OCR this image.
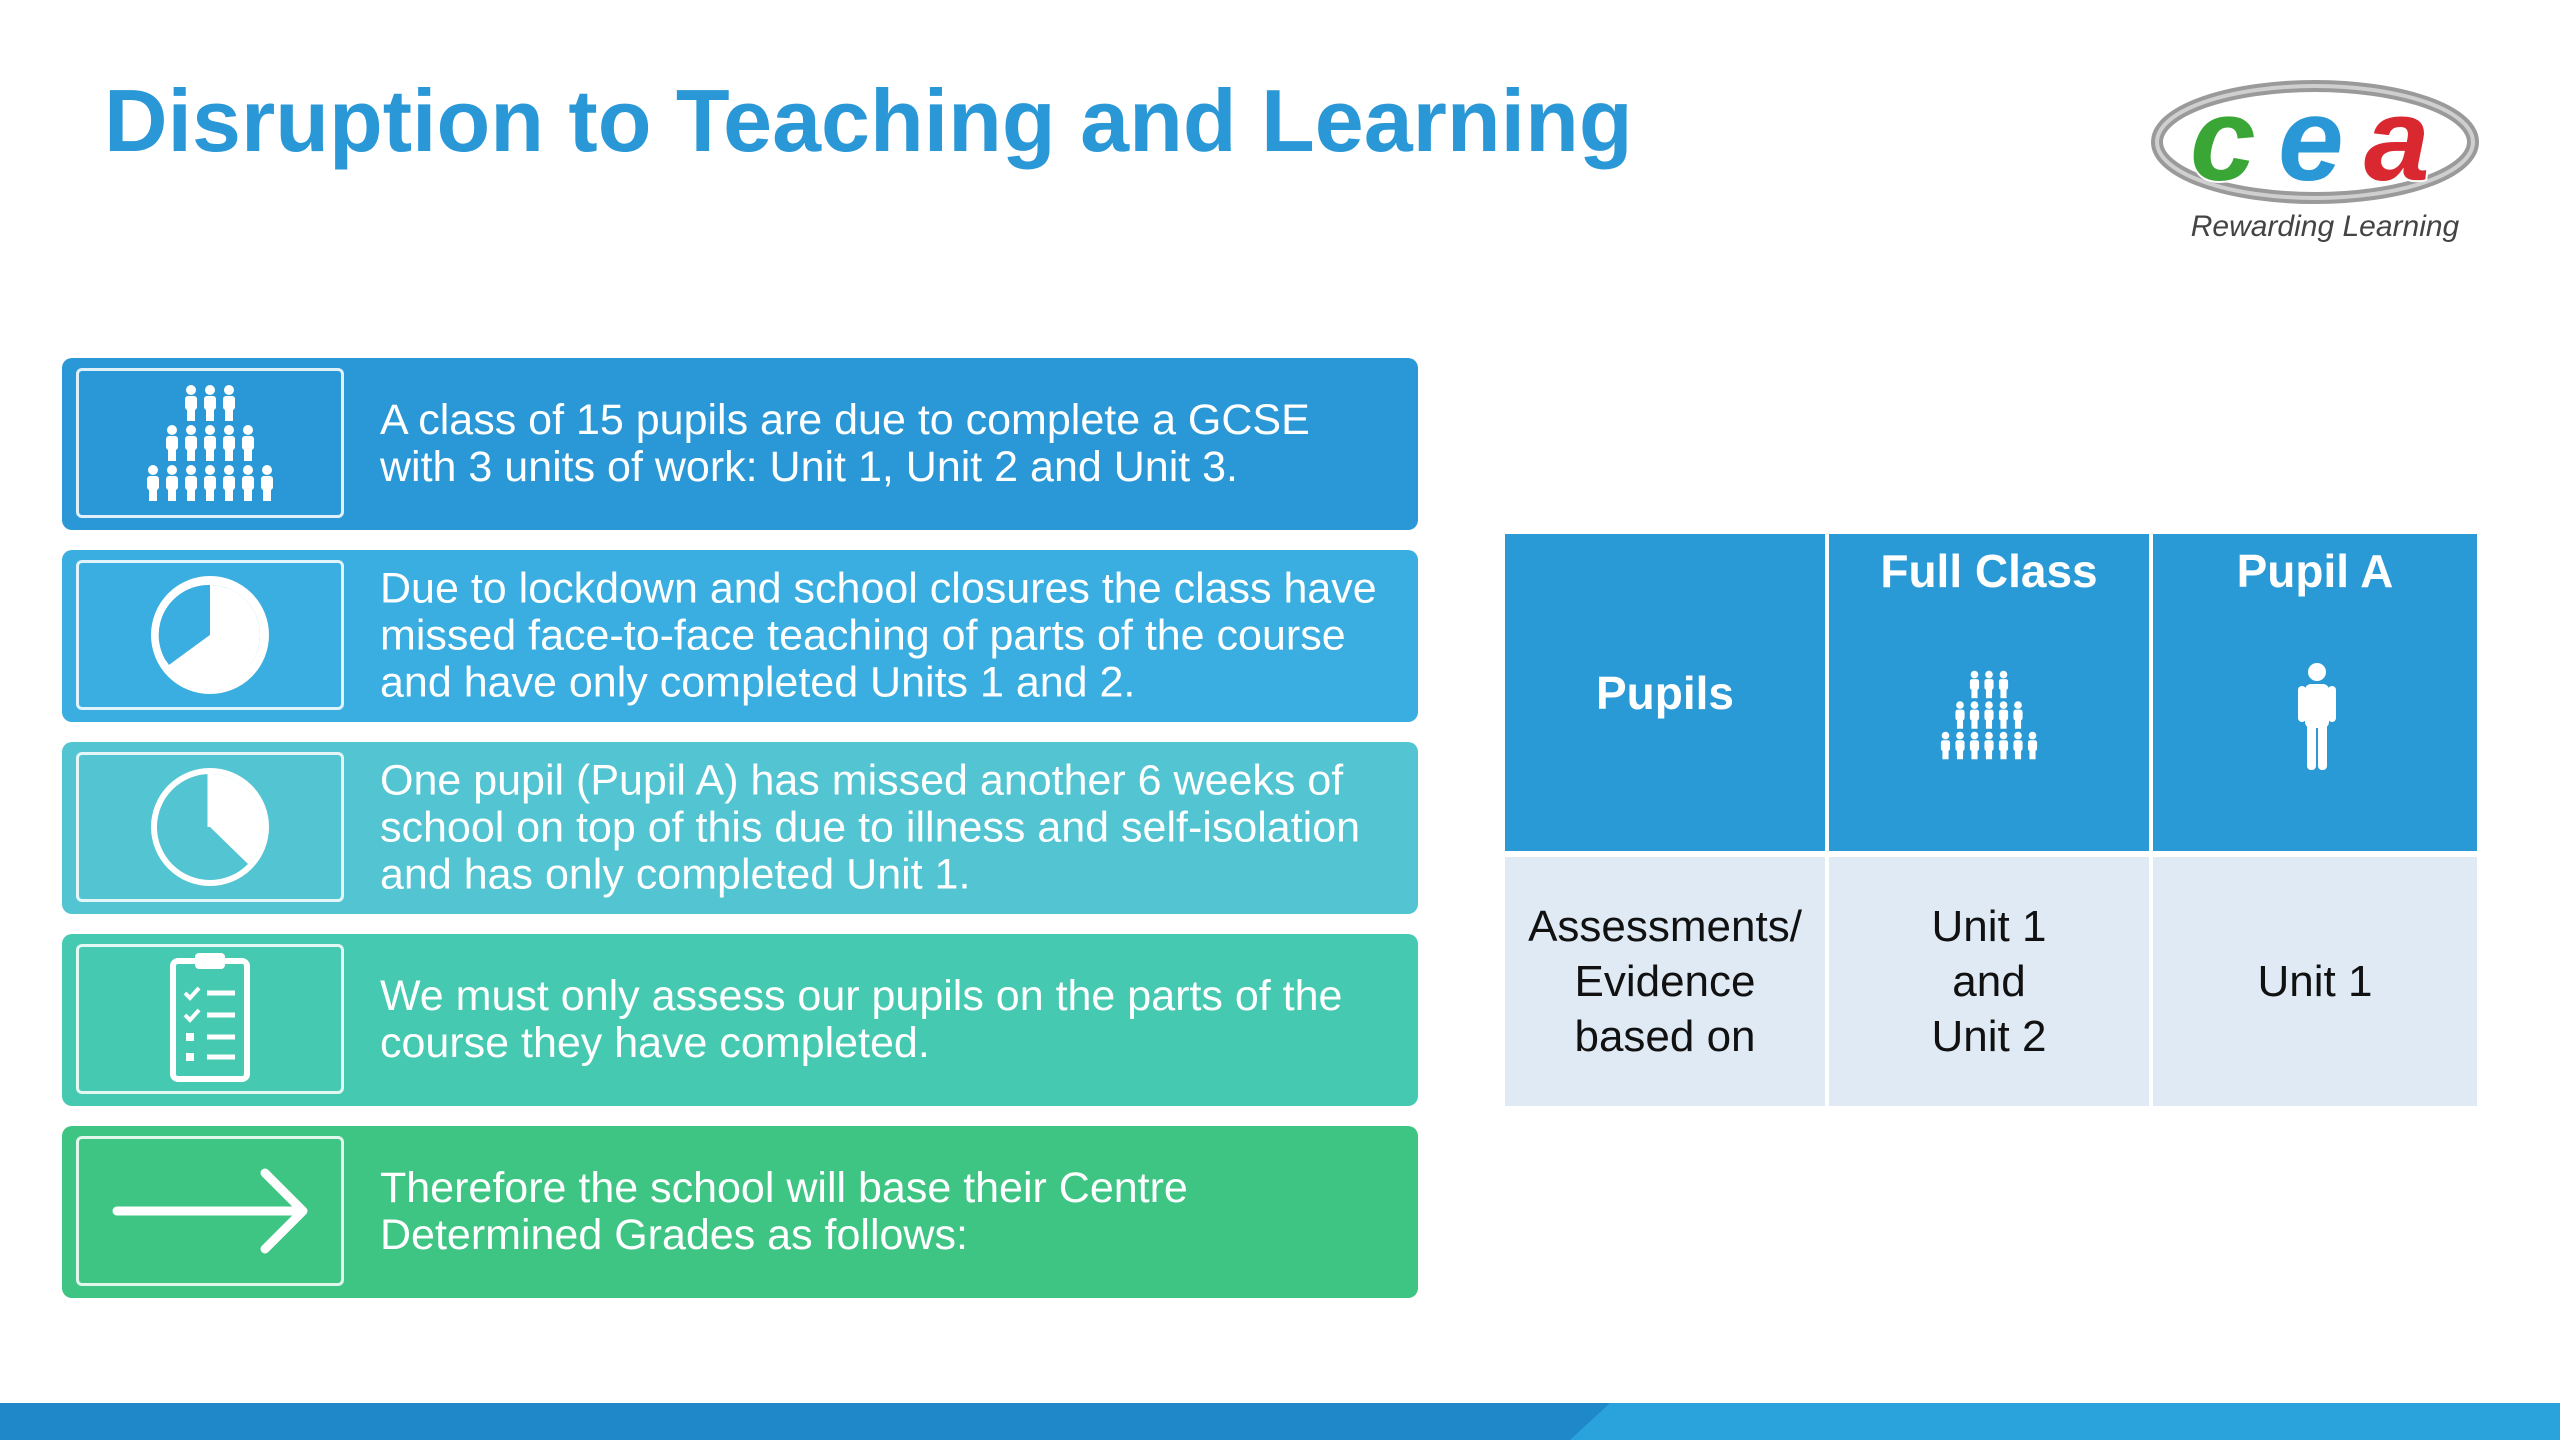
Disruption to Teaching and Learning	c e a
Rewarding Learning
A class of 15 pupils are due to complete a GCSE with 3 units of work: Unit 1, Unit 2 and Unit 3.
Due to lockdown and school closures the class have missed face-to-face teaching of parts of the course and have only completed Units 1 and 2.
One pupil (Pupil A) has missed another 6 weeks of school on top of this due to illness and self-isolation and has only completed Unit 1.
We must only assess our pupils on the parts of the course they have completed.
Therefore the school will base their Centre Determined Grades as follows:
Pupils
Full Class	Pupil A
Assessments/
Evidence
based on
Unit 1
and
Unit 2
Unit 1
